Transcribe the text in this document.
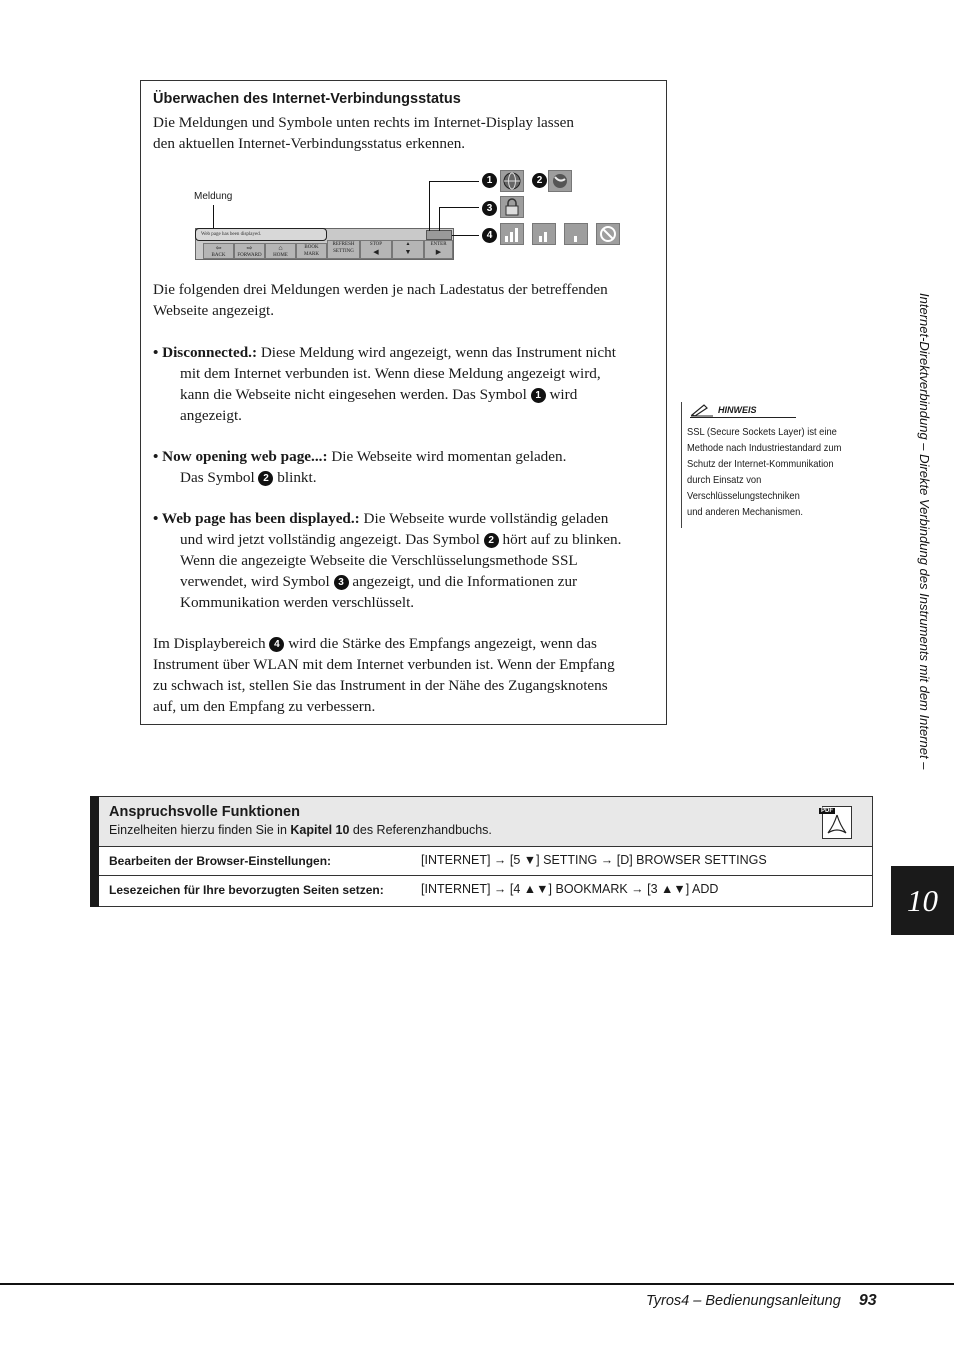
Überwachen des Internet-Verbindungsstatus
Die Meldungen und Symbole unten rechts im Internet-Display lassen
den aktuellen Internet-Verbindungsstatus erkennen.
Meldung
⇦
BACK
⇨
FORWARD
⌂
HOME
BOOK MARK
REFRESH SETTING
STOP
◀
▲
▼
ENTER
▶
Web page has been displayed.
1	2
3
4
Die folgenden drei Meldungen werden je nach Ladestatus der betreffenden
Webseite angezeigt.
• Disconnected.: Diese Meldung wird angezeigt, wenn das Instrument nicht
mit dem Internet verbunden ist. Wenn diese Meldung angezeigt wird,
kann die Webseite nicht eingesehen werden. Das Symbol 1 wird
angezeigt.
• Now opening web page...: Die Webseite wird momentan geladen.
Das Symbol 2 blinkt.
• Web page has been displayed.: Die Webseite wurde vollständig geladen
und wird jetzt vollständig angezeigt. Das Symbol 2 hört auf zu blinken.
Wenn die angezeigte Webseite die Verschlüsselungsmethode SSL
verwendet, wird Symbol 3 angezeigt, und die Informationen zur
Kommunikation werden verschlüsselt.
Im Displaybereich 4 wird die Stärke des Empfangs angezeigt, wenn das
Instrument über WLAN mit dem Internet verbunden ist. Wenn der Empfang
zu schwach ist, stellen Sie das Instrument in der Nähe des Zugangsknotens
auf, um den Empfang zu verbessern.
HINWEIS
SSL (Secure Sockets Layer) ist eine
Methode nach Industriestandard zum
Schutz der Internet-Kommunikation
durch Einsatz von
Verschlüsselungstechniken
und anderen Mechanismen.
Anspruchsvolle Funktionen
Einzelheiten hierzu finden Sie in Kapitel 10 des Referenzhandbuchs.
PDF
Bearbeiten der Browser-Einstellungen:	[INTERNET] → [5 ▼] SETTING → [D] BROWSER SETTINGS
Lesezeichen für Ihre bevorzugten Seiten setzen:	[INTERNET] → [4 ▲▼] BOOKMARK → [3 ▲▼] ADD
Internet-Direktverbindung – Direkte Verbindung des Instruments mit dem Internet –
10
Tyros4 – Bedienungsanleitung 93
